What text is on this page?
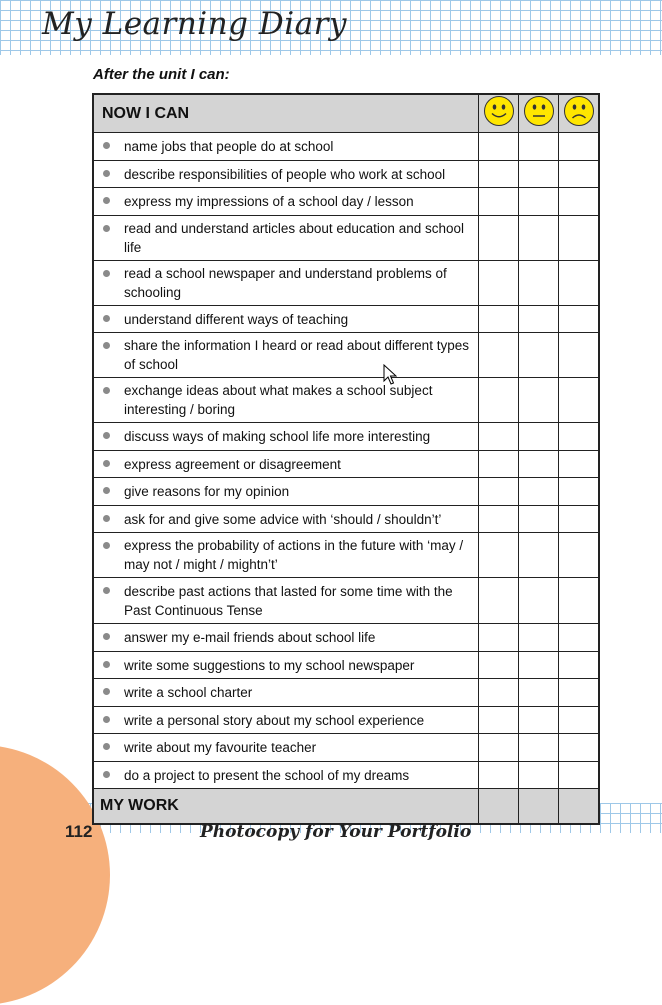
My Learning Diary
After the unit I can:
NOW I CAN			

name jobs that people do at school			

describe responsibilities of people who work at school			

express my impressions of a school day / lesson			

read and understand articles about education and school life			

read a school newspaper and understand problems of schooling			

understand different ways of teaching			

share the information I heard or read about different types of school			

exchange ideas about what makes a school subject interesting / boring			

discuss ways of making school life more interesting			

express agreement or disagreement			

give reasons for my opinion			

ask for and give some advice with ‘should / shouldn’t’			

express the probability of actions in the future with ‘may / may not / might / mightn’t’			

describe past actions that lasted for some time with the Past Continuous Tense			

answer my e-mail friends about school life			

write some suggestions to my school newspaper			

write a school charter			

write a personal story about my school experience			

write about my favourite teacher			

do a project to present the school of my dreams			
MY WORK			
112	Photocopy for Your Portfolio
